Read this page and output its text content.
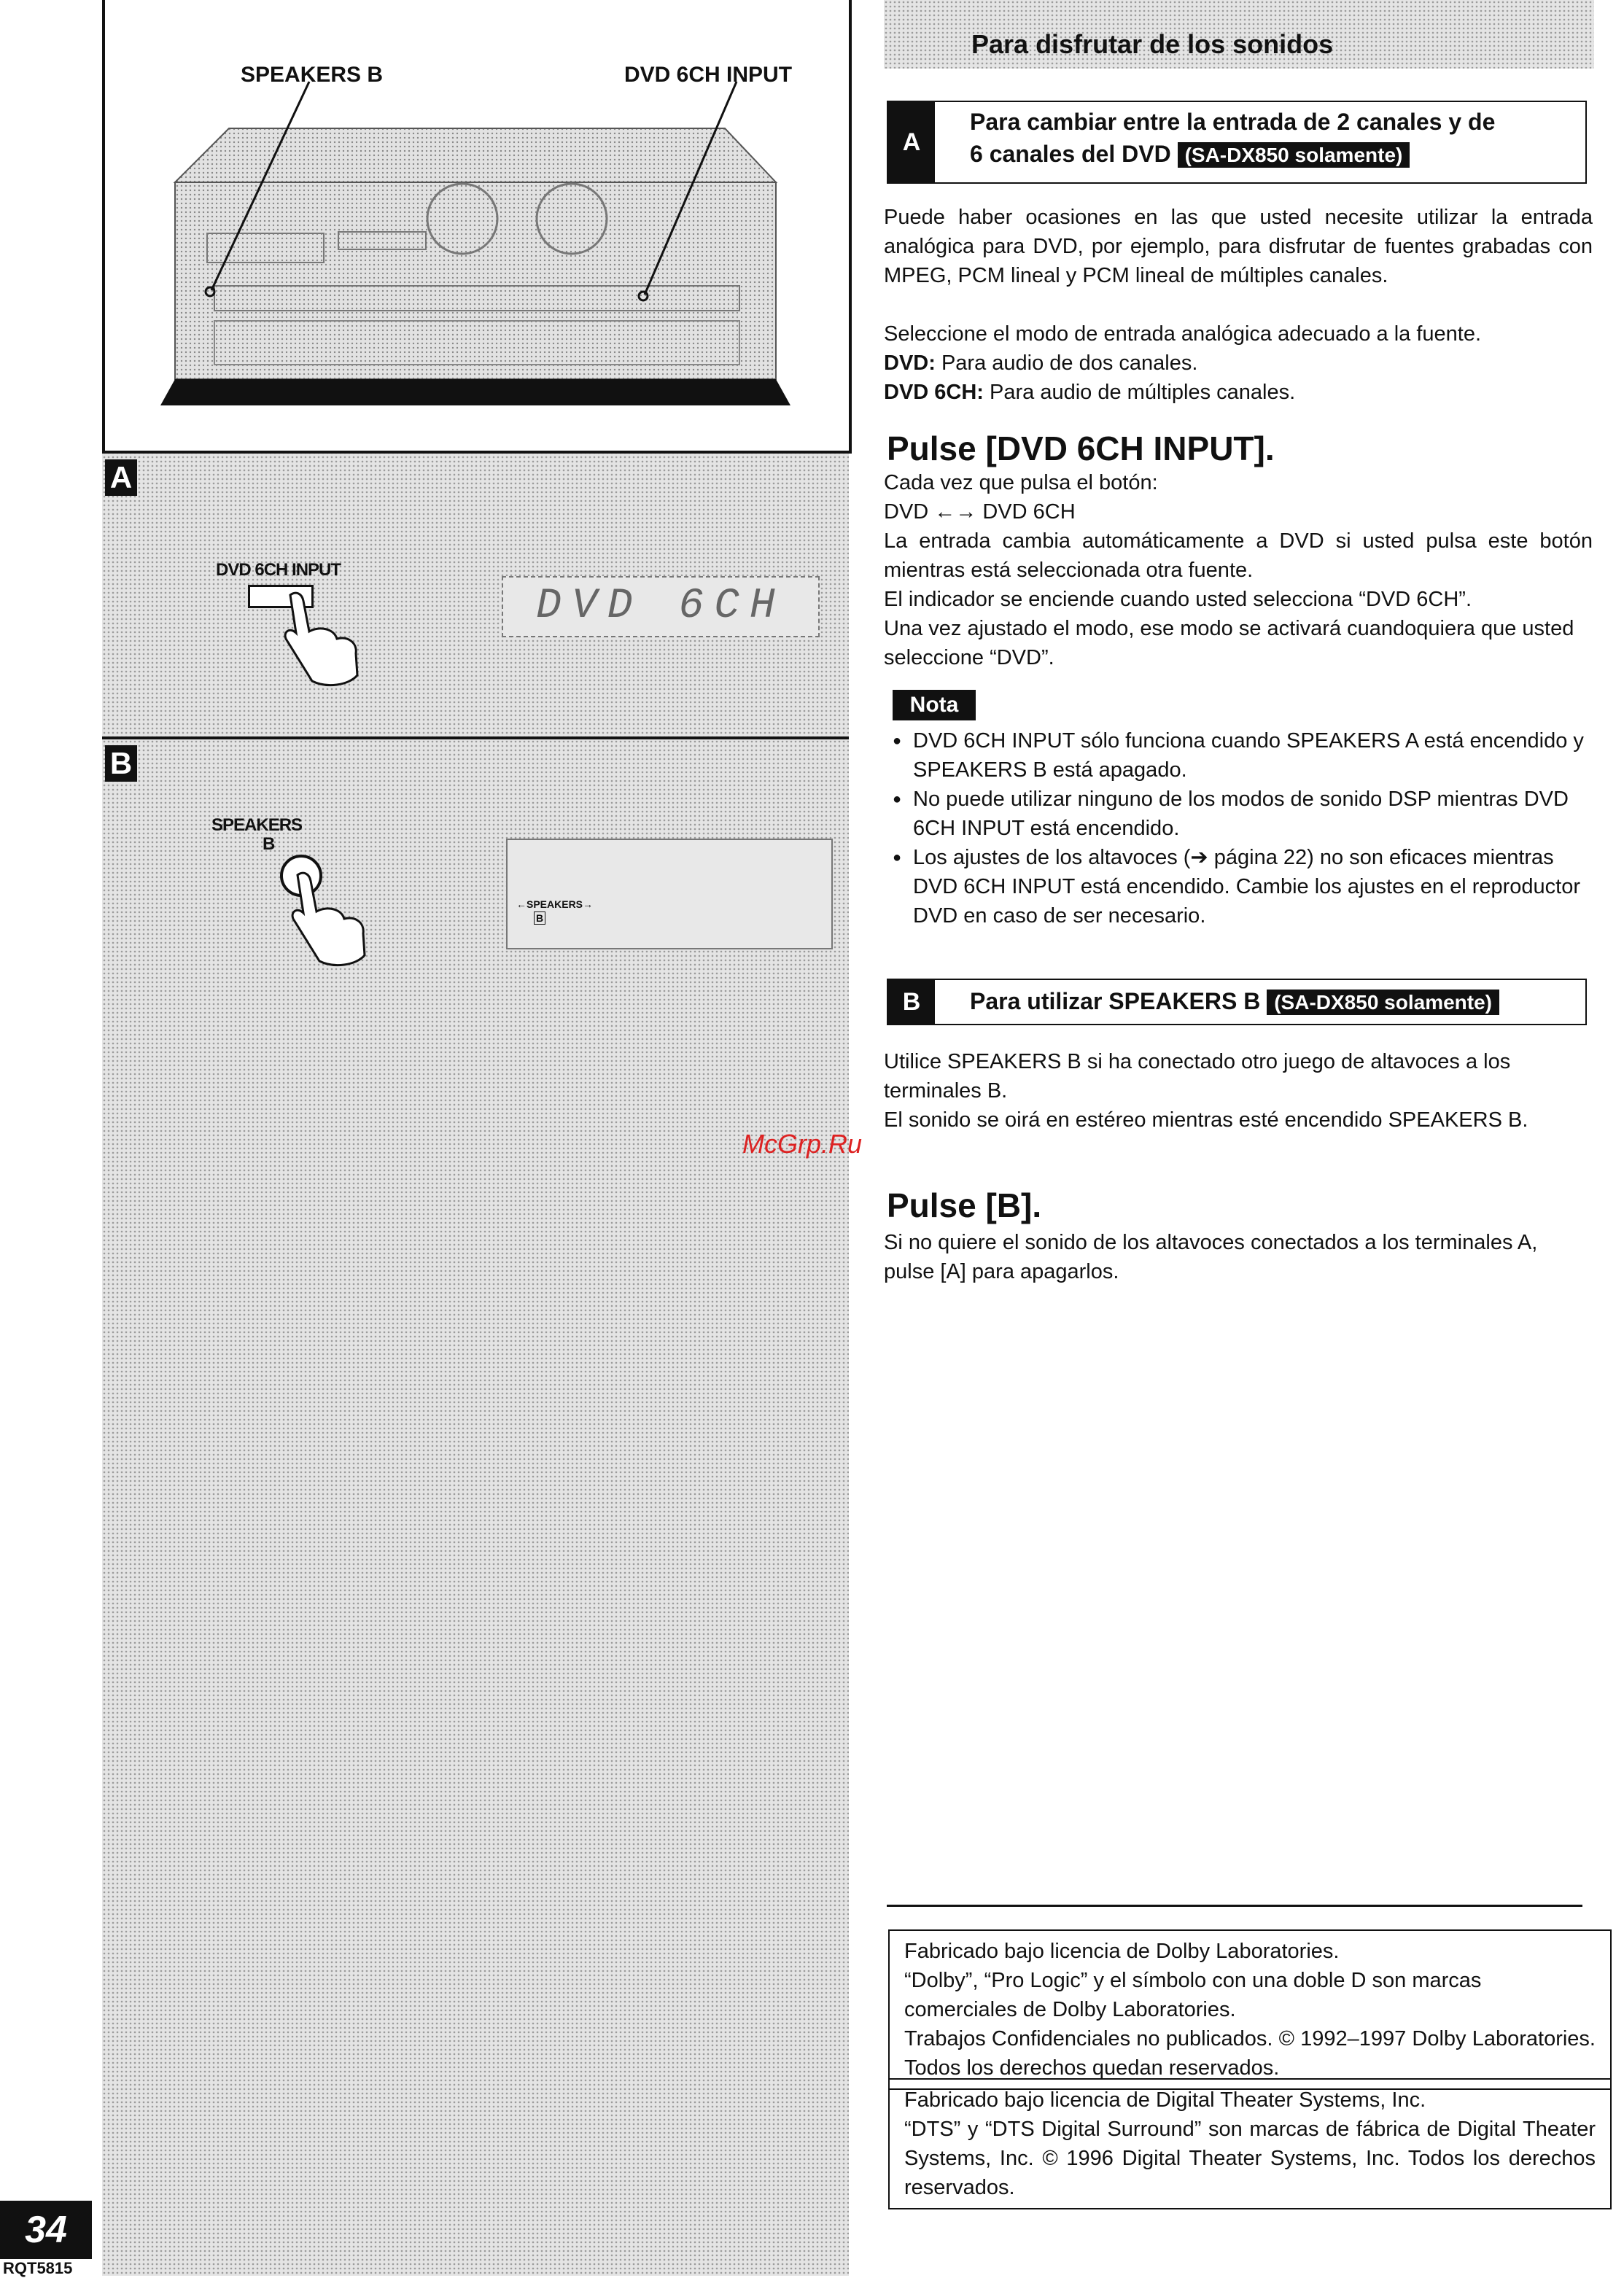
SPEAKERS B	DVD 6CH INPUT
A
DVD 6CH INPUT
DVD 6CH
B
SPEAKERS
B
←SPEAKERS→
B
Para disfrutar de los sonidos
A
Para cambiar entre la entrada de 2 canales y de
6 canales del DVD (SA-DX850 solamente)
Puede haber ocasiones en las que usted necesite utilizar la entrada analógica para DVD, por ejemplo, para disfrutar de fuentes grabadas con MPEG, PCM lineal y PCM lineal de múltiples canales.
Seleccione el modo de entrada analógica adecuado a la fuente.
DVD: Para audio de dos canales.
DVD 6CH: Para audio de múltiples canales.
Pulse [DVD 6CH INPUT].
Cada vez que pulsa el botón:
DVD ←→ DVD 6CH
La entrada cambia automáticamente a DVD si usted pulsa este botón mientras está seleccionada otra fuente.
El indicador se enciende cuando usted selecciona “DVD 6CH”.
Una vez ajustado el modo, ese modo se activará cuandoquiera que usted seleccione “DVD”.
Nota
● DVD 6CH INPUT sólo funciona cuando SPEAKERS A está encendido y SPEAKERS B está apagado.
● No puede utilizar ninguno de los modos de sonido DSP mientras DVD 6CH INPUT está encendido.
● Los ajustes de los altavoces (➔ página 22) no son eficaces mientras DVD 6CH INPUT está encendido. Cambie los ajustes en el reproductor DVD en caso de ser necesario.
B	Para utilizar SPEAKERS B (SA-DX850 solamente)
Utilice SPEAKERS B si ha conectado otro juego de altavoces a los terminales B.
El sonido se oirá en estéreo mientras esté encendido SPEAKERS B.
Pulse [B].
Si no quiere el sonido de los altavoces conectados a los terminales A, pulse [A] para apagarlos.
McGrp.Ru
Fabricado bajo licencia de Dolby Laboratories.
“Dolby”, “Pro Logic” y el símbolo con una doble D son marcas comerciales de Dolby Laboratories.
Trabajos Confidenciales no publicados. © 1992–1997 Dolby Laboratories. Todos los derechos quedan reservados.
Fabricado bajo licencia de Digital Theater Systems, Inc.
“DTS” y “DTS Digital Surround” son marcas de fábrica de Digital Theater Systems, Inc. © 1996 Digital Theater Systems, Inc. Todos los derechos reservados.
34
RQT5815
